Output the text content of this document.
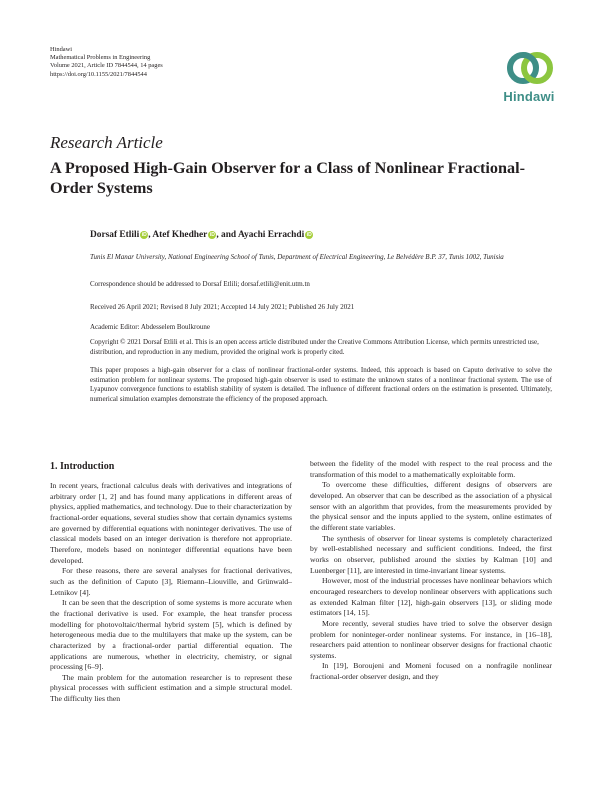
Hindawi
Mathematical Problems in Engineering
Volume 2021, Article ID 7844544, 14 pages
https://doi.org/10.1155/2021/7844544
Hindawi
Research Article
A Proposed High-Gain Observer for a Class of Nonlinear Fractional-Order Systems
Dorsaf Etlili iD , Atef Khedher iD , and Ayachi Errachdi iD
Tunis El Manar University, National Engineering School of Tunis, Department of Electrical Engineering, Le Belvédère B.P. 37, Tunis 1002, Tunisia
Correspondence should be addressed to Dorsaf Etlili; dorsaf.etlili@enit.utm.tn
Received 26 April 2021; Revised 8 July 2021; Accepted 14 July 2021; Published 26 July 2021
Academic Editor: Abdesselem Boulkroune
Copyright © 2021 Dorsaf Etlili et al. This is an open access article distributed under the Creative Commons Attribution License, which permits unrestricted use, distribution, and reproduction in any medium, provided the original work is properly cited.
This paper proposes a high-gain observer for a class of nonlinear fractional-order systems. Indeed, this approach is based on Caputo derivative to solve the estimation problem for nonlinear systems. The proposed high-gain observer is used to estimate the unknown states of a nonlinear fractional system. The use of Lyapunov convergence functions to establish stability of system is detailed. The influence of different fractional orders on the estimation is presented. Ultimately, numerical simulation examples demonstrate the efficiency of the proposed approach.
1. Introduction

In recent years, fractional calculus deals with derivatives and integrations of arbitrary order [1, 2] and has found many applications in different areas of physics, applied mathematics, and technology. Due to their characterization by fractional-order equations, several studies show that certain dynamics systems are governed by differential equations with noninteger derivatives. The use of classical models based on an integer derivation is therefore not appropriate. Therefore, models based on noninteger differential equations have been developed.

For these reasons, there are several analyses for fractional derivatives, such as the definition of Caputo [3], Riemann–Liouville, and Grünwald–Letnikov [4].

It can be seen that the description of some systems is more accurate when the fractional derivative is used. For example, the heat transfer process modelling for photovoltaic/thermal hybrid system [5], which is defined by heterogeneous media due to the multilayers that make up the system, can be characterized by a fractional-order partial differential equation. The applications are numerous, whether in electricity, chemistry, or signal processing [6–9].

The main problem for the automation researcher is to represent these physical processes with sufficient estimation and a simple structural model. The difficulty lies then

between the fidelity of the model with respect to the real process and the transformation of this model to a mathematically exploitable form.

To overcome these difficulties, different designs of observers are developed. An observer that can be described as the association of a physical sensor with an algorithm that provides, from the measurements provided by the physical sensor and the inputs applied to the system, online estimates of the different state variables.

The synthesis of observer for linear systems is completely characterized by well-established necessary and sufficient conditions. Indeed, the first works on observer, published around the sixties by Kalman [10] and Luenberger [11], are interested in time-invariant linear systems.

However, most of the industrial processes have nonlinear behaviors which encouraged researchers to develop nonlinear observers with applications such as extended Kalman filter [12], high-gain observers [13], or sliding mode estimators [14, 15].

More recently, several studies have tried to solve the observer design problem for noninteger-order nonlinear systems. For instance, in [16–18], researchers paid attention to nonlinear observer designs for fractional chaotic systems.

In [19], Boroujeni and Momeni focused on a nonfragile nonlinear fractional-order observer design, and they
